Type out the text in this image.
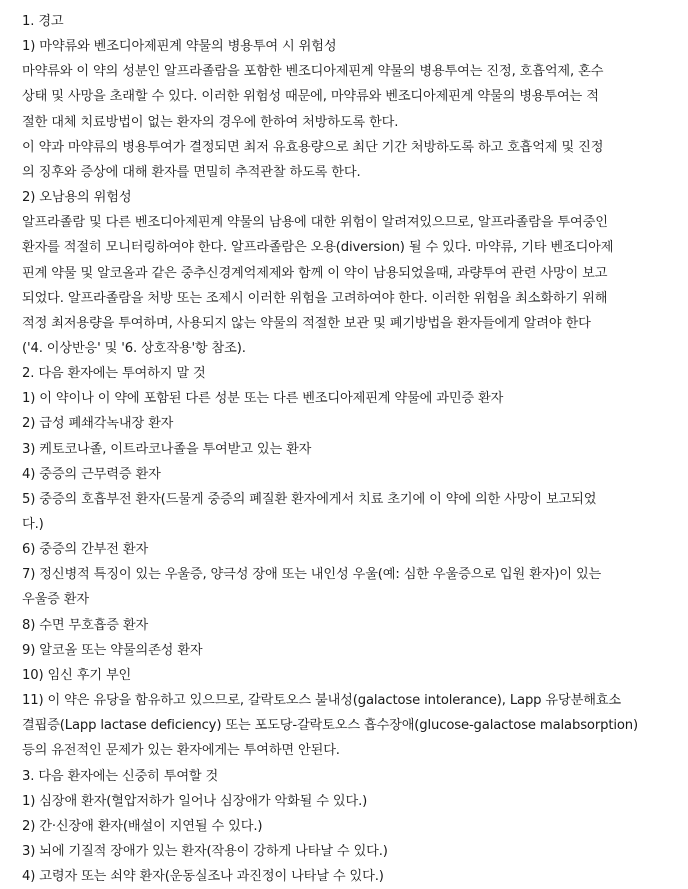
1. 경고
1) 마약류와 벤조디아제핀계 약물의 병용투여 시 위험성
마약류와 이 약의 성분인 알프라졸람을 포함한 벤조디아제핀계 약물의 병용투여는 진정, 호흡억제, 혼수
상태 및 사망을 초래할 수 있다. 이러한 위험성 때문에, 마약류와 벤조디아제핀계 약물의 병용투여는 적
절한 대체 치료방법이 없는 환자의 경우에 한하여 처방하도록 한다.
이 약과 마약류의 병용투여가 결정되면 최저 유효용량으로 최단 기간 처방하도록 하고 호흡억제 및 진정
의 징후와 증상에 대해 환자를 면밀히 추적관찰 하도록 한다.
2) 오남용의 위험성
알프라졸람 및 다른 벤조디아제핀계 약물의 남용에 대한 위험이 알려져있으므로, 알프라졸람을 투여중인
환자를 적절히 모니터링하여야 한다. 알프라졸람은 오용(diversion) 될 수 있다. 마약류, 기타 벤조디아제
핀계 약물 및 알코올과 같은 중추신경계억제제와 함께 이 약이 남용되었을때, 과량투여 관련 사망이 보고
되었다. 알프라졸람을 처방 또는 조제시 이러한 위험을 고려하여야 한다. 이러한 위험을 최소화하기 위해
적정 최저용량을 투여하며, 사용되지 않는 약물의 적절한 보관 및 폐기방법을 환자들에게 알려야 한다
('4. 이상반응' 및 '6. 상호작용'항 참조).
2. 다음 환자에는 투여하지 말 것
1) 이 약이나 이 약에 포함된 다른 성분 또는 다른 벤조디아제핀계 약물에 과민증 환자
2) 급성 폐쇄각녹내장 환자
3) 케토코나졸, 이트라코나졸을 투여받고 있는 환자
4) 중증의 근무력증 환자
5) 중증의 호흡부전 환자(드물게 중증의 폐질환 환자에게서 치료 초기에 이 약에 의한 사망이 보고되었
다.)
6) 중증의 간부전 환자
7) 정신병적 특징이 있는 우울증, 양극성 장애 또는 내인성 우울(예: 심한 우울증으로 입원 환자)이 있는
우울증 환자
8) 수면 무호흡증 환자
9) 알코올 또는 약물의존성 환자
10) 임신 후기 부인
11) 이 약은 유당을 함유하고 있으므로, 갈락토오스 불내성(galactose intolerance), Lapp 유당분해효소
결핍증(Lapp lactase deficiency) 또는 포도당-갈락토오스 흡수장애(glucose-galactose malabsorption)
등의 유전적인 문제가 있는 환자에게는 투여하면 안된다.
3. 다음 환자에는 신중히 투여할 것
1) 심장애 환자(혈압저하가 일어나 심장애가 악화될 수 있다.)
2) 간·신장애 환자(배설이 지연될 수 있다.)
3) 뇌에 기질적 장애가 있는 환자(작용이 강하게 나타날 수 있다.)
4) 고령자 또는 쇠약 환자(운동실조나 과진정이 나타날 수 있다.)
